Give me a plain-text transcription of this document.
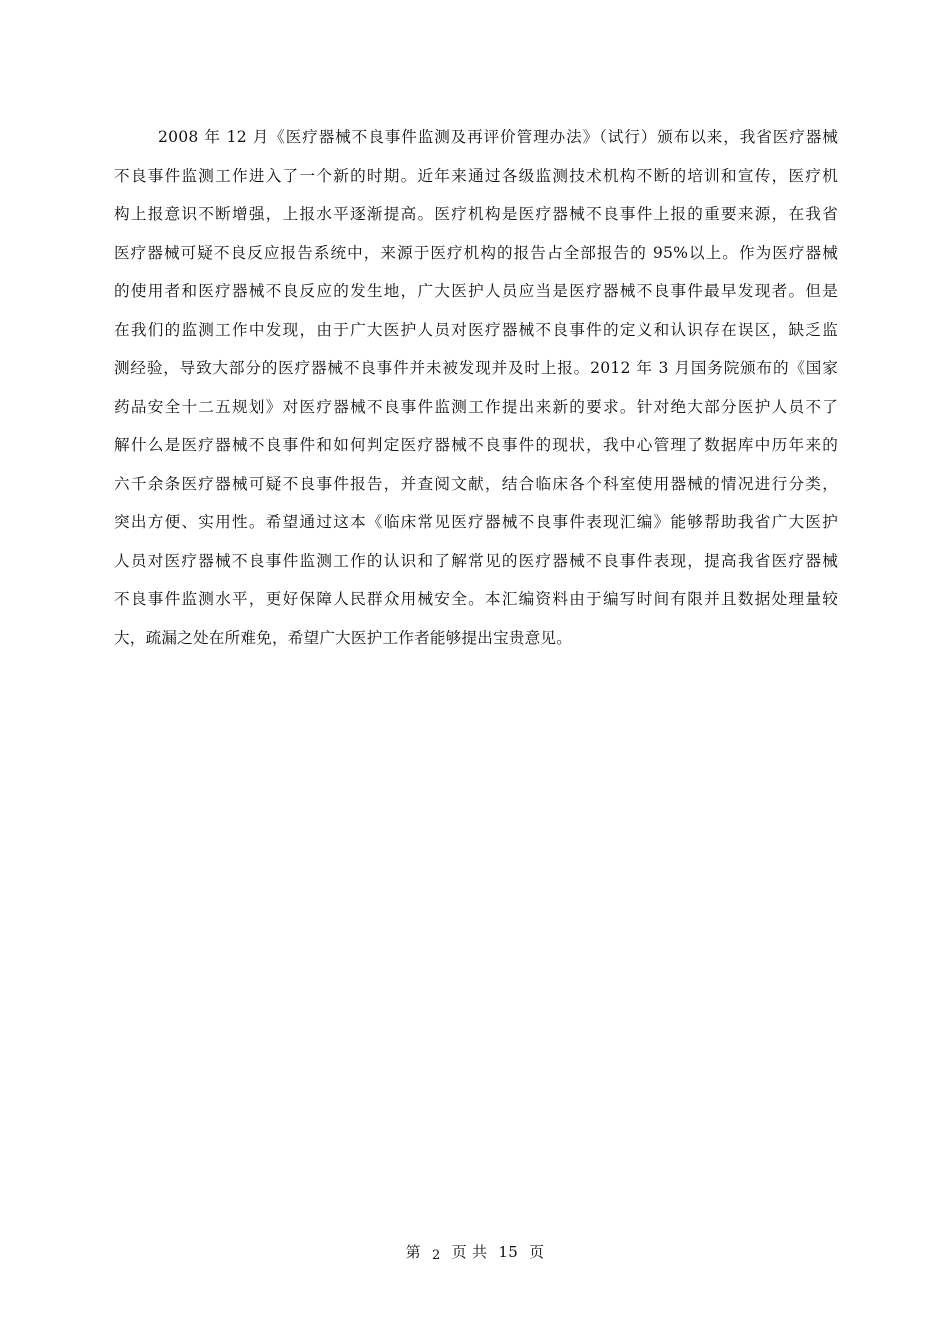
2008 年 12 月《医疗器械不良事件监测及再评价管理办法》（试行）颁布以来，我省医疗器械
不良事件监测工作进入了一个新的时期。近年来通过各级监测技术机构不断的培训和宣传，医疗机
构上报意识不断增强，上报水平逐渐提高。医疗机构是医疗器械不良事件上报的重要来源，在我省
医疗器械可疑不良反应报告系统中，来源于医疗机构的报告占全部报告的 95%以上。作为医疗器械
的使用者和医疗器械不良反应的发生地，广大医护人员应当是医疗器械不良事件最早发现者。但是
在我们的监测工作中发现，由于广大医护人员对医疗器械不良事件的定义和认识存在误区，缺乏监
测经验，导致大部分的医疗器械不良事件并未被发现并及时上报。2012 年 3 月国务院颁布的《国家
药品安全十二五规划》对医疗器械不良事件监测工作提出来新的要求。针对绝大部分医护人员不了
解什么是医疗器械不良事件和如何判定医疗器械不良事件的现状，我中心管理了数据库中历年来的
六千余条医疗器械可疑不良事件报告，并查阅文献，结合临床各个科室使用器械的情况进行分类，
突出方便、实用性。希望通过这本《临床常见医疗器械不良事件表现汇编》能够帮助我省广大医护
人员对医疗器械不良事件监测工作的认识和了解常见的医疗器械不良事件表现，提高我省医疗器械
不良事件监测水平，更好保障人民群众用械安全。本汇编资料由于编写时间有限并且数据处理量较
大，疏漏之处在所难免，希望广大医护工作者能够提出宝贵意见。
第 2 页 共 15 页
